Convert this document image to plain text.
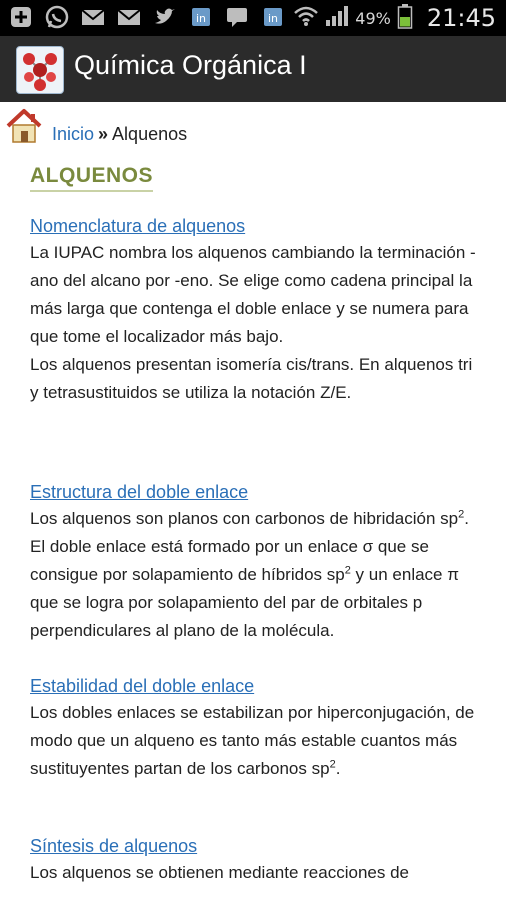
in	in	49% 21:45
Química Orgánica I
Inicio » Alquenos
ALQUENOS
Nomenclatura de alquenos

La IUPAC nombra los alquenos cambiando la terminación -ano del alcano por -eno. Se elige como cadena principal la más larga que contenga el doble enlace y se numera para que tome el localizador más bajo.

Los alquenos presentan isomería cis/trans. En alquenos tri y tetrasustituidos se utiliza la notación Z/E.

Estructura del doble enlace

Los alquenos son planos con carbonos de hibridación $sp^2$. El doble enlace está formado por un enlace σ que se consigue por solapamiento de híbridos $sp^2$ y un enlace π que se logra por solapamiento del par de orbitales p perpendiculares al plano de la molécula.

Estabilidad del doble enlace

Los dobles enlaces se estabilizan por hiperconjugación, de modo que un alqueno es tanto más estable cuantos más sustituyentes partan de los carbonos $sp^2$.

Síntesis de alquenos

Los alquenos se obtienen mediante reacciones de
